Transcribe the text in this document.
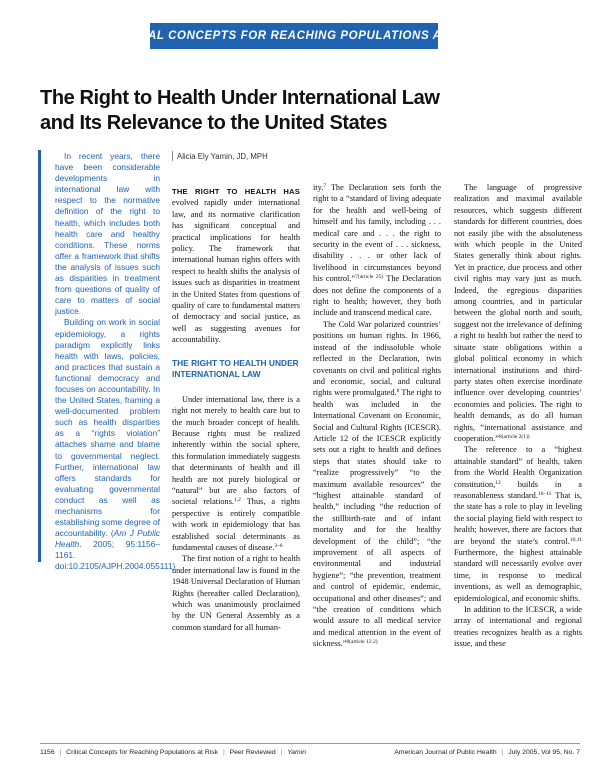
CRITICAL CONCEPTS FOR REACHING POPULATIONS AT RISK
The Right to Health Under International Law
and Its Relevance to the United States

In recent years, there have been considerable developments in international law with respect to the normative definition of the right to health, which includes both health care and healthy conditions. These norms offer a framework that shifts the analysis of issues such as disparities in treatment from questions of quality of care to matters of social justice.

Building on work in social epidemiology, a rights paradigm explicitly links health with laws, policies, and practices that sustain a functional democracy and focuses on accountability. In the United States, framing a well-documented problem such as health disparities as a “rights violation” attaches shame and blame to governmental neglect. Further, international law offers standards for evaluating governmental conduct as well as mechanisms for establishing some degree of accountability. (Am J Public Health. 2005; 95:1156–1161. doi:10.2105/AJPH.2004.055111)

Alicia Ely Yamin, JD, MPH

THE RIGHT TO HEALTH HAS evolved rapidly under international law, and its normative clarification has significant conceptual and practical implications for health policy. The framework that international human rights offers with respect to health shifts the analysis of issues such as disparities in treatment in the United States from questions of quality of care to fundamental matters of democracy and social justice, as well as suggesting avenues for accountability.

THE RIGHT TO HEALTH UNDER INTERNATIONAL LAW

Under international law, there is a right not merely to health care but to the much broader concept of health. Because rights must be realized inherently within the social sphere, this formulation immediately suggests that determinants of health and ill health are not purely biological or “natural” but are also factors of societal relations.$^{1,2}$ Thus, a rights perspective is entirely compatible with work in epidemiology that has established social determinants as fundamental causes of disease.$^{3-6}$

The first notion of a right to health under international law is found in the 1948 Universal Declaration of Human Rights (hereafter called Declaration), which was unanimously proclaimed by the UN General Assembly as a common standard for all human-

ity.$^7$ The Declaration sets forth the right to a “standard of living adequate for the health and well-being of himself and his family, including . . . medical care and . . . the right to security in the event of . . . sickness, disability . . . or other lack of livelihood in circumstances beyond his control.”$^{7(article 25)}$ The Declaration does not define the components of a right to health; however, they both include and transcend medical care.

The Cold War polarized countries’ positions on human rights. In 1966, instead of the indissoluble whole reflected in the Declaration, twin covenants on civil and political rights and economic, social, and cultural rights were promulgated.$^8$ The right to health was included in the International Covenant on Economic, Social and Cultural Rights (ICESCR). Article 12 of the ICESCR explicitly sets out a right to health and defines steps that states should take to “realize progressively” “to the maximum available resources” the “highest attainable standard of health,” including “the reduction of the stillbirth-rate and of infant mortality and for the healthy development of the child”; “the improvement of all aspects of environmental and industrial hygiene”; “the prevention, treatment and control of epidemic, endemic, occupational and other diseases”; and “the creation of conditions which would assure to all medical service and medical attention in the event of sickness.”$^{8(article 12.2)}$

The language of progressive realization and maximal available resources, which suggests different standards for different countries, does not easily jibe with the absoluteness with which people in the United States generally think about rights. Yet in practice, due process and other civil rights may vary just as much. Indeed, the egregious disparities among countries, and in particular between the global north and south, suggest not the irrelevance of defining a right to health but rather the need to situate state obligations within a global political economy in which international institutions and third-party states often exercise inordinate influence over developing countries’ economies and policies. The right to health demands, as do all human rights, “international assistance and cooperation.”$^{8(article 2(1))}$

The reference to a “highest attainable standard” of health, taken from the World Health Organization constitution,$^{12}$ builds in a reasonableness standard.$^{10-11}$ That is, the state has a role to play in leveling the social playing field with respect to health; however, there are factors that are beyond the state’s control.$^{10,11}$ Furthermore, the highest attainable standard will necessarily evolve over time, in response to medical inventions, as well as demographic, epidemiological, and economic shifts.

In addition to the ICESCR, a wide array of international and regional treaties recognizes health as a rights issue, and these

1156 | Critical Concepts for Reaching Populations at Risk | Peer Reviewed | Yamin	American Journal of Public Health | July 2005, Vol 95, No. 7
